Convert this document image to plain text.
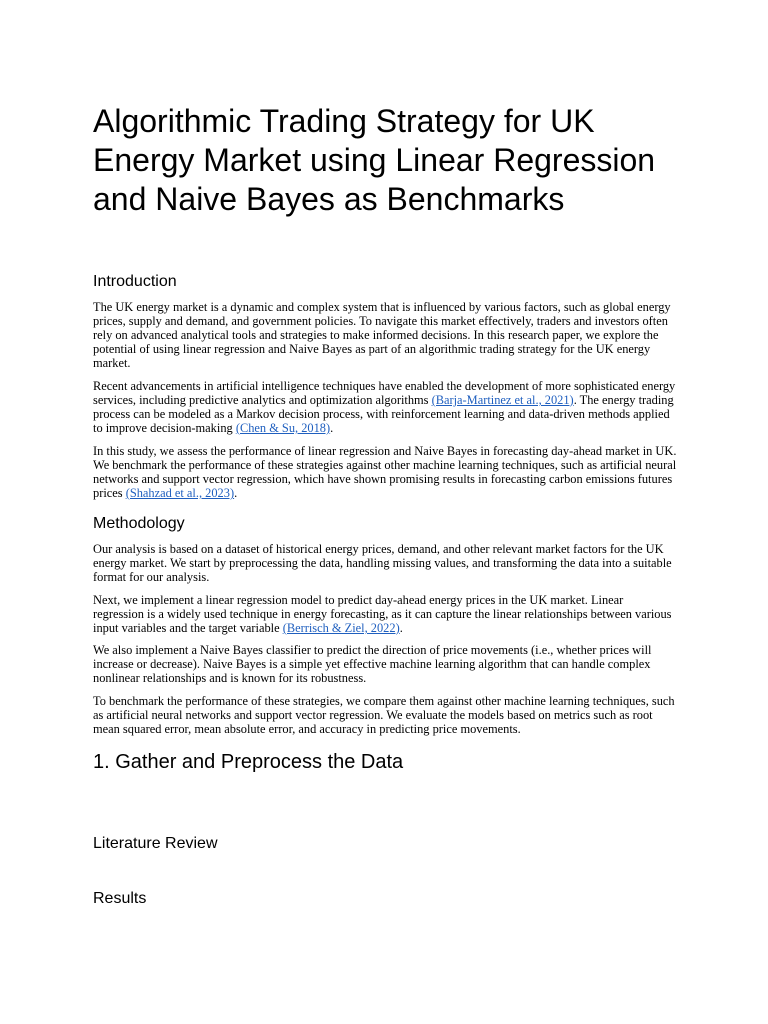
Algorithmic Trading Strategy for UK Energy Market using Linear Regression and Naive Bayes as Benchmarks
Introduction

The UK energy market is a dynamic and complex system that is influenced by various factors, such as global energy prices, supply and demand, and government policies. To navigate this market effectively, traders and investors often rely on advanced analytical tools and strategies to make informed decisions. In this research paper, we explore the potential of using linear regression and Naive Bayes as part of an algorithmic trading strategy for the UK energy market.

Recent advancements in artificial intelligence techniques have enabled the development of more sophisticated energy services, including predictive analytics and optimization algorithms (Barja-Martinez et al., 2021). The energy trading process can be modeled as a Markov decision process, with reinforcement learning and data-driven methods applied to improve decision-making (Chen & Su, 2018).

In this study, we assess the performance of linear regression and Naive Bayes in forecasting day-ahead market in UK. We benchmark the performance of these strategies against other machine learning techniques, such as artificial neural networks and support vector regression, which have shown promising results in forecasting carbon emissions futures prices (Shahzad et al., 2023).

Methodology

Our analysis is based on a dataset of historical energy prices, demand, and other relevant market factors for the UK energy market. We start by preprocessing the data, handling missing values, and transforming the data into a suitable format for our analysis.

Next, we implement a linear regression model to predict day-ahead energy prices in the UK market. Linear regression is a widely used technique in energy forecasting, as it can capture the linear relationships between various input variables and the target variable (Berrisch & Ziel, 2022).

We also implement a Naive Bayes classifier to predict the direction of price movements (i.e., whether prices will increase or decrease). Naive Bayes is a simple yet effective machine learning algorithm that can handle complex nonlinear relationships and is known for its robustness.

To benchmark the performance of these strategies, we compare them against other machine learning techniques, such as artificial neural networks and support vector regression. We evaluate the models based on metrics such as root mean squared error, mean absolute error, and accuracy in predicting price movements.

1. Gather and Preprocess the Data
Literature Review
Results
